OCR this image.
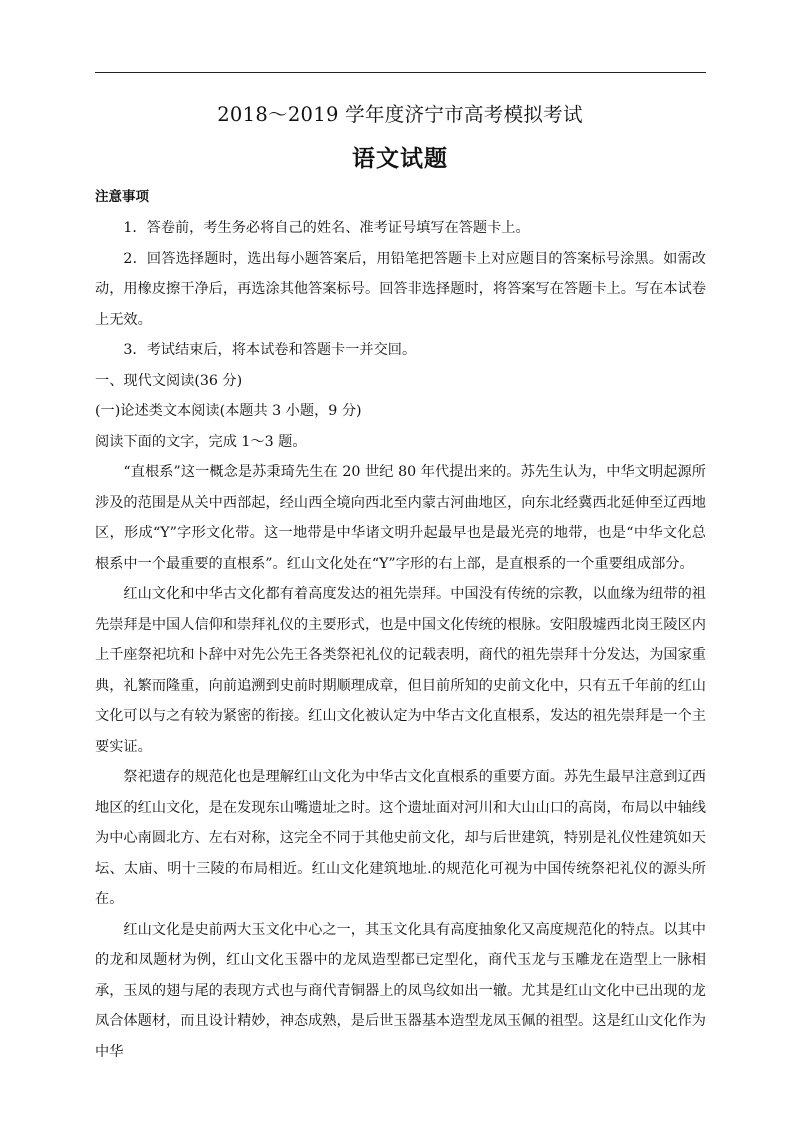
2018～2019 学年度济宁市高考模拟考试
语文试题

注意事项

1．答卷前，考生务必将自己的姓名、准考证号填写在答题卡上。

2．回答选择题时，选出每小题答案后，用铅笔把答题卡上对应题目的答案标号涂黑。如需改动，用橡皮擦干净后，再选涂其他答案标号。回答非选择题时，将答案写在答题卡上。写在本试卷上无效。

3．考试结束后，将本试卷和答题卡一并交回。

一、现代文阅读(36 分)

(一)论述类文本阅读(本题共 3 小题，9 分)

阅读下面的文字，完成 1～3 题。

“直根系”这一概念是苏秉琦先生在 20 世纪 80 年代提出来的。苏先生认为，中华文明起源所涉及的范围是从关中西部起，经山西全境向西北至内蒙古河曲地区，向东北经冀西北延伸至辽西地区，形成“Y”字形文化带。这一地带是中华诸文明升起最早也是最光亮的地带，也是“中华文化总根系中一个最重要的直根系”。红山文化处在“Y”字形的右上部，是直根系的一个重要组成部分。

红山文化和中华古文化都有着高度发达的祖先崇拜。中国没有传统的宗教，以血缘为纽带的祖先崇拜是中国人信仰和崇拜礼仪的主要形式，也是中国文化传统的根脉。安阳殷墟西北岗王陵区内上千座祭祀坑和卜辞中对先公先王各类祭祀礼仪的记载表明，商代的祖先崇拜十分发达，为国家重典，礼繁而隆重，向前追溯到史前时期顺理成章，但目前所知的史前文化中，只有五千年前的红山文化可以与之有较为紧密的衔接。红山文化被认定为中华古文化直根系，发达的祖先崇拜是一个主要实证。

祭祀遗存的规范化也是理解红山文化为中华古文化直根系的重要方面。苏先生最早注意到辽西地区的红山文化，是在发现东山嘴遗址之时。这个遗址面对河川和大山山口的高岗，布局以中轴线为中心南圆北方、左右对称，这完全不同于其他史前文化，却与后世建筑，特别是礼仪性建筑如天坛、太庙、明十三陵的布局相近。红山文化建筑地址.的规范化可视为中国传统祭祀礼仪的源头所在。

红山文化是史前两大玉文化中心之一，其玉文化具有高度抽象化又高度规范化的特点。以其中的龙和凤题材为例，红山文化玉器中的龙凤造型都已定型化，商代玉龙与玉雕龙在造型上一脉相承，玉凤的翅与尾的表现方式也与商代青铜器上的凤鸟纹如出一辙。尤其是红山文化中已出现的龙凤合体题材，而且设计精妙，神态成熟，是后世玉器基本造型龙凤玉佩的祖型。这是红山文化作为中华
